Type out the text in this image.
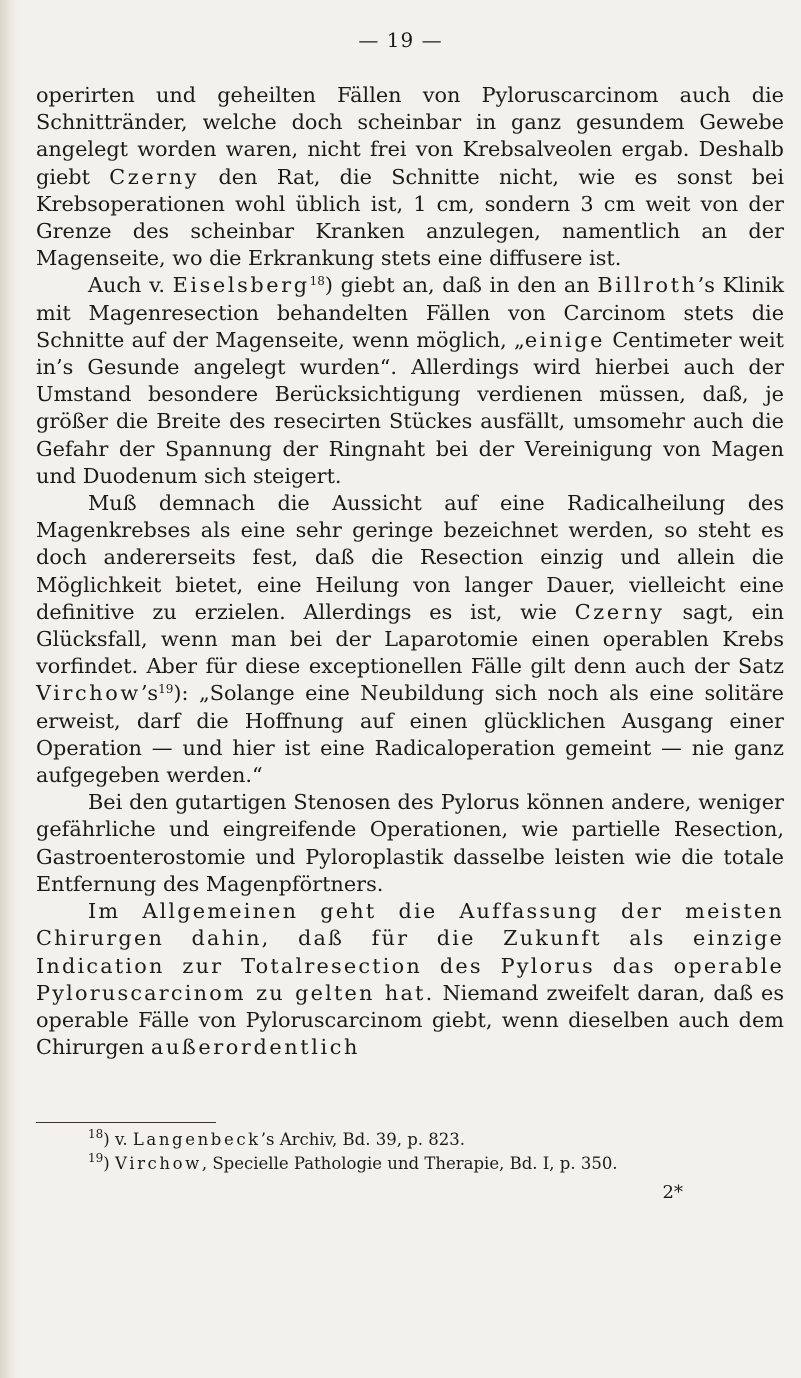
— 19 —

operirten und geheilten Fällen von Pyloruscarcinom auch die Schnittränder, welche doch scheinbar in ganz gesundem Gewebe angelegt worden waren, nicht frei von Krebsalveolen ergab. Deshalb giebt Czerny den Rat, die Schnitte nicht, wie es sonst bei Krebsoperationen wohl üblich ist, 1 cm, sondern 3 cm weit von der Grenze des scheinbar Kranken anzulegen, namentlich an der Magenseite, wo die Erkrankung stets eine diffusere ist.

Auch v. Eiselsberg$^{18}$) giebt an, daß in den an Billroth’s Klinik mit Magenresection behandelten Fällen von Carcinom stets die Schnitte auf der Magenseite, wenn möglich, „einige Centimeter weit in’s Gesunde angelegt wurden“. Allerdings wird hierbei auch der Umstand besondere Berücksichtigung verdienen müssen, daß, je größer die Breite des resecirten Stückes ausfällt, umsomehr auch die Gefahr der Spannung der Ringnaht bei der Vereinigung von Magen und Duodenum sich steigert.

Muß demnach die Aussicht auf eine Radicalheilung des Magenkrebses als eine sehr geringe bezeichnet werden, so steht es doch andererseits fest, daß die Resection einzig und allein die Möglichkeit bietet, eine Heilung von langer Dauer, vielleicht eine definitive zu erzielen. Allerdings es ist, wie Czerny sagt, ein Glücksfall, wenn man bei der Laparotomie einen operablen Krebs vorfindet. Aber für diese exceptionellen Fälle gilt denn auch der Satz $Virchow’s^{19}$): „Solange eine Neubildung sich noch als eine solitäre erweist, darf die Hoffnung auf einen glücklichen Ausgang einer Operation — und hier ist eine Radicaloperation gemeint — nie ganz aufgegeben werden.“

Bei den gutartigen Stenosen des Pylorus können andere, weniger gefährliche und eingreifende Operationen, wie partielle Resection, Gastroenterostomie und Pyloroplastik dasselbe leisten wie die totale Entfernung des Magenpförtners.

Im Allgemeinen geht die Auffassung der meisten Chirurgen dahin, daß für die Zukunft als einzige Indication zur Totalresection des Pylorus das operable Pyloruscarcinom zu gelten hat. Niemand zweifelt daran, daß es operable Fälle von Pyloruscarcinom giebt, wenn dieselben auch dem Chirurgen außerordentlich

$^{18}$) v. Langenbeck’s Archiv, Bd. 39, p. 823.
$^{19}$) Virchow, Specielle Pathologie und Therapie, Bd. I, p. 350.
2*
